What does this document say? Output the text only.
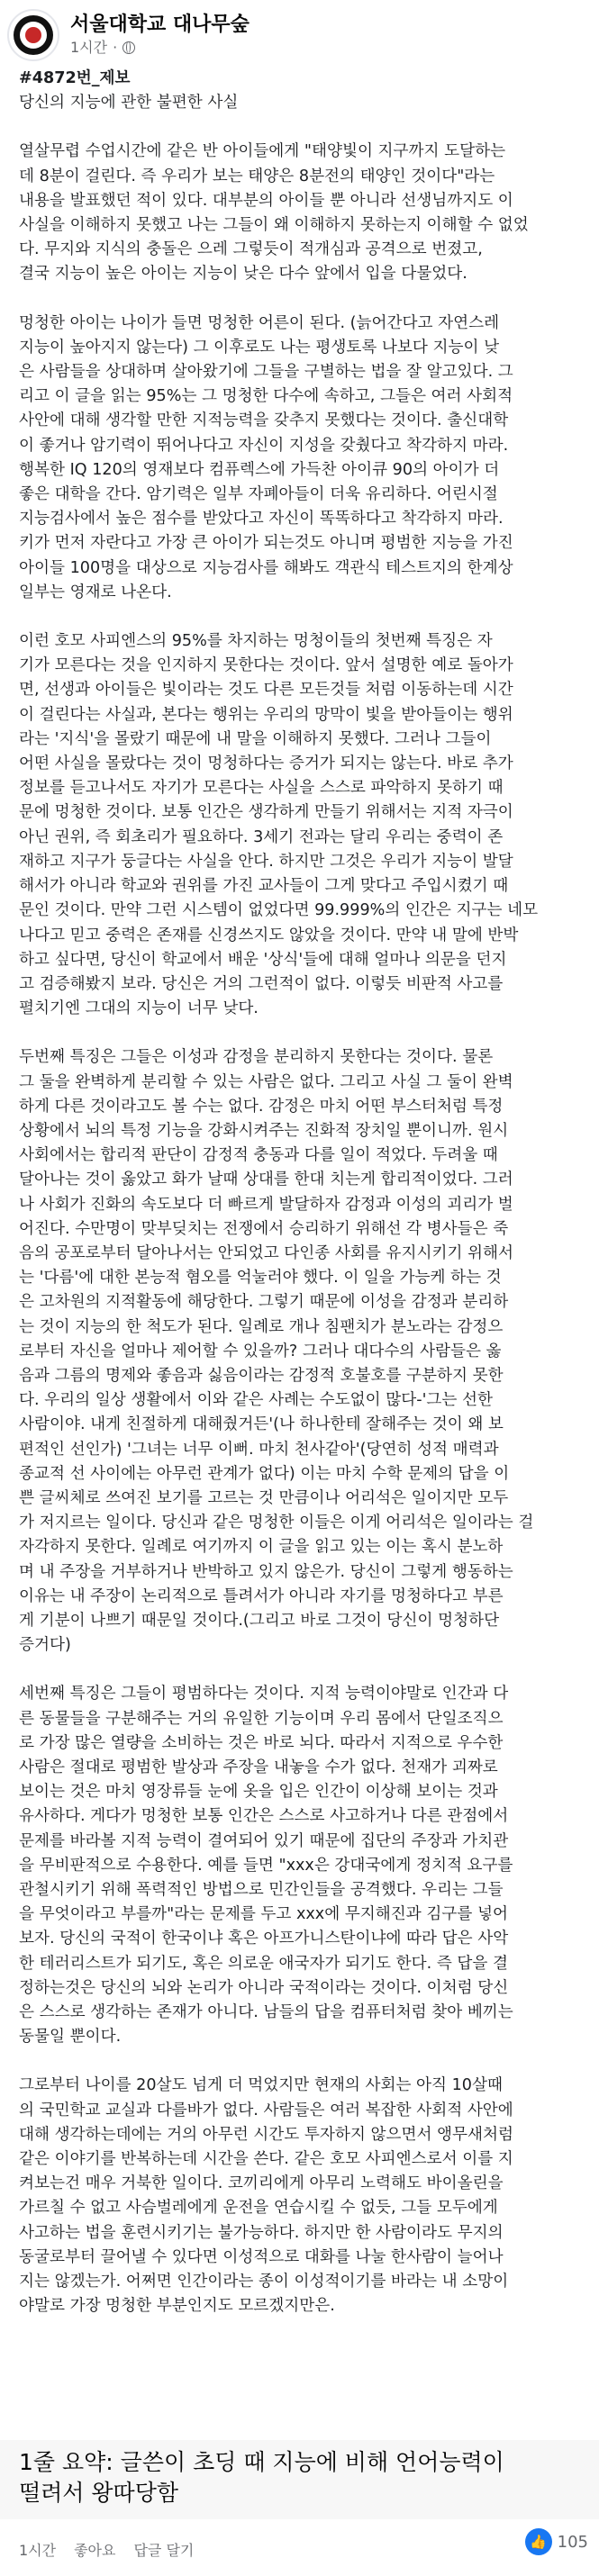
서울대학교 대나무숲
1시간 ·

#4872번_제보

당신의 지능에 관한 불편한 사실

열살무렵 수업시간에 같은 반 아이들에게 "태양빛이 지구까지 도달하는
데 8분이 걸린다. 즉 우리가 보는 태양은 8분전의 태양인 것이다"라는
내용을 발표했던 적이 있다. 대부분의 아이들 뿐 아니라 선생님까지도 이
사실을 이해하지 못했고 나는 그들이 왜 이해하지 못하는지 이해할 수 없었
다. 무지와 지식의 충돌은 으레 그렇듯이 적개심과 공격으로 번졌고,
결국 지능이 높은 아이는 지능이 낮은 다수 앞에서 입을 다물었다.

멍청한 아이는 나이가 들면 멍청한 어른이 된다. (늙어간다고 자연스레
지능이 높아지지 않는다) 그 이후로도 나는 평생토록 나보다 지능이 낮
은 사람들을 상대하며 살아왔기에 그들을 구별하는 법을 잘 알고있다. 그
리고 이 글을 읽는 95%는 그 멍청한 다수에 속하고, 그들은 여러 사회적
사안에 대해 생각할 만한 지적능력을 갖추지 못했다는 것이다. 출신대학
이 좋거나 암기력이 뛰어나다고 자신이 지성을 갖췄다고 착각하지 마라.
행복한 IQ 120의 영재보다 컴퓨렉스에 가득찬 아이큐 90의 아이가 더
좋은 대학을 간다. 암기력은 일부 자폐아들이 더욱 유리하다. 어린시절
지능검사에서 높은 점수를 받았다고 자신이 똑똑하다고 착각하지 마라.
키가 먼저 자란다고 가장 큰 아이가 되는것도 아니며 평범한 지능을 가진
아이들 100명을 대상으로 지능검사를 해봐도 객관식 테스트지의 한계상
일부는 영재로 나온다.

이런 호모 사피엔스의 95%를 차지하는 멍청이들의 첫번째 특징은 자
기가 모른다는 것을 인지하지 못한다는 것이다. 앞서 설명한 예로 돌아가
면, 선생과 아이들은 빛이라는 것도 다른 모든것들 처럼 이동하는데 시간
이 걸린다는 사실과, 본다는 행위는 우리의 망막이 빛을 받아들이는 행위
라는 '지식'을 몰랐기 때문에 내 말을 이해하지 못했다. 그러나 그들이
어떤 사실을 몰랐다는 것이 멍청하다는 증거가 되지는 않는다. 바로 추가
정보를 듣고나서도 자기가 모른다는 사실을 스스로 파악하지 못하기 때
문에 멍청한 것이다. 보통 인간은 생각하게 만들기 위해서는 지적 자극이
아닌 권위, 즉 회초리가 필요하다. 3세기 전과는 달리 우리는 중력이 존
재하고 지구가 둥글다는 사실을 안다. 하지만 그것은 우리가 지능이 발달
해서가 아니라 학교와 권위를 가진 교사들이 그게 맞다고 주입시켰기 때
문인 것이다. 만약 그런 시스템이 없었다면 99.999%의 인간은 지구는 네모
나다고 믿고 중력은 존재를 신경쓰지도 않았을 것이다. 만약 내 말에 반박
하고 싶다면, 당신이 학교에서 배운 '상식'들에 대해 얼마나 의문을 던지
고 검증해봤지 보라. 당신은 거의 그런적이 없다. 이렇듯 비판적 사고를
펼치기엔 그대의 지능이 너무 낮다.

두번째 특징은 그들은 이성과 감정을 분리하지 못한다는 것이다. 물론
그 둘을 완벽하게 분리할 수 있는 사람은 없다. 그리고 사실 그 둘이 완벽
하게 다른 것이라고도 볼 수는 없다. 감정은 마치 어떤 부스터처럼 특정
상황에서 뇌의 특정 기능을 강화시켜주는 진화적 장치일 뿐이니까. 원시
사회에서는 합리적 판단이 감정적 충동과 다를 일이 적었다. 두려울 때
달아나는 것이 옳았고 화가 날때 상대를 한대 치는게 합리적이었다. 그러
나 사회가 진화의 속도보다 더 빠르게 발달하자 감정과 이성의 괴리가 벌
어진다. 수만명이 맞부딪치는 전쟁에서 승리하기 위해선 각 병사들은 죽
음의 공포로부터 달아나서는 안되었고 다인종 사회를 유지시키기 위해서
는 '다름'에 대한 본능적 혐오를 억눌러야 했다. 이 일을 가능케 하는 것
은 고차원의 지적활동에 해당한다. 그렇기 때문에 이성을 감정과 분리하
는 것이 지능의 한 척도가 된다. 일례로 개나 침팬치가 분노라는 감정으
로부터 자신을 얼마나 제어할 수 있을까? 그러나 대다수의 사람들은 옳
음과 그름의 명제와 좋음과 싫음이라는 감정적 호불호를 구분하지 못한
다. 우리의 일상 생활에서 이와 같은 사례는 수도없이 많다-'그는 선한
사람이야. 내게 친절하게 대해줬거든'(나 하나한테 잘해주는 것이 왜 보
편적인 선인가) '그녀는 너무 이뻐. 마치 천사같아'(당연히 성적 매력과
종교적 선 사이에는 아무런 관계가 없다) 이는 마치 수학 문제의 답을 이
쁜 글씨체로 쓰여진 보기를 고르는 것 만큼이나 어리석은 일이지만 모두
가 저지르는 일이다. 당신과 같은 멍청한 이들은 이게 어리석은 일이라는 걸
자각하지 못한다. 일례로 여기까지 이 글을 읽고 있는 이는 혹시 분노하
며 내 주장을 거부하거나 반박하고 있지 않은가. 당신이 그렇게 행동하는
이유는 내 주장이 논리적으로 틀려서가 아니라 자기를 멍청하다고 부른
게 기분이 나쁘기 때문일 것이다.(그리고 바로 그것이 당신이 멍청하단
증거다)

세번째 특징은 그들이 평범하다는 것이다. 지적 능력이야말로 인간과 다
른 동물들을 구분해주는 거의 유일한 기능이며 우리 몸에서 단일조직으
로 가장 많은 열량을 소비하는 것은 바로 뇌다. 따라서 지적으로 우수한
사람은 절대로 평범한 발상과 주장을 내놓을 수가 없다. 천재가 괴짜로
보이는 것은 마치 영장류들 눈에 옷을 입은 인간이 이상해 보이는 것과
유사하다. 게다가 멍청한 보통 인간은 스스로 사고하거나 다른 관점에서
문제를 바라볼 지적 능력이 결여되어 있기 때문에 집단의 주장과 가치관
을 무비판적으로 수용한다. 예를 들면 "xxx은 강대국에게 정치적 요구를
관철시키기 위해 폭력적인 방법으로 민간인들을 공격했다. 우리는 그들
을 무엇이라고 부를까"라는 문제를 두고 xxx에 무지해진과 김구를 넣어
보자. 당신의 국적이 한국이냐 혹은 아프가니스탄이냐에 따라 답은 사악
한 테러리스트가 되기도, 혹은 의로운 애국자가 되기도 한다. 즉 답을 결
정하는것은 당신의 뇌와 논리가 아니라 국적이라는 것이다. 이처럼 당신
은 스스로 생각하는 존재가 아니다. 남들의 답을 컴퓨터처럼 찾아 베끼는
동물일 뿐이다.

그로부터 나이를 20살도 넘게 더 먹었지만 현재의 사회는 아직 10살때
의 국민학교 교실과 다를바가 없다. 사람들은 여러 복잡한 사회적 사안에
대해 생각하는데에는 거의 아무런 시간도 투자하지 않으면서 앵무새처럼
같은 이야기를 반복하는데 시간을 쓴다. 같은 호모 사피엔스로서 이를 지
켜보는건 매우 거북한 일이다. 코끼리에게 아무리 노력해도 바이올린을
가르칠 수 없고 사슴벌레에게 운전을 연습시킬 수 없듯, 그들 모두에게
사고하는 법을 훈련시키기는 불가능하다. 하지만 한 사람이라도 무지의
동굴로부터 끌어낼 수 있다면 이성적으로 대화를 나눌 한사람이 늘어나
지는 않겠는가. 어쩌면 인간이라는 종이 이성적이기를 바라는 내 소망이
야말로 가장 멍청한 부분인지도 모르겠지만은.

1줄 요약: 글쓴이 초딩 때 지능에 비해 언어능력이
떨려서 왕따당함
1시간 좋아요 답글 달기	👍 105
